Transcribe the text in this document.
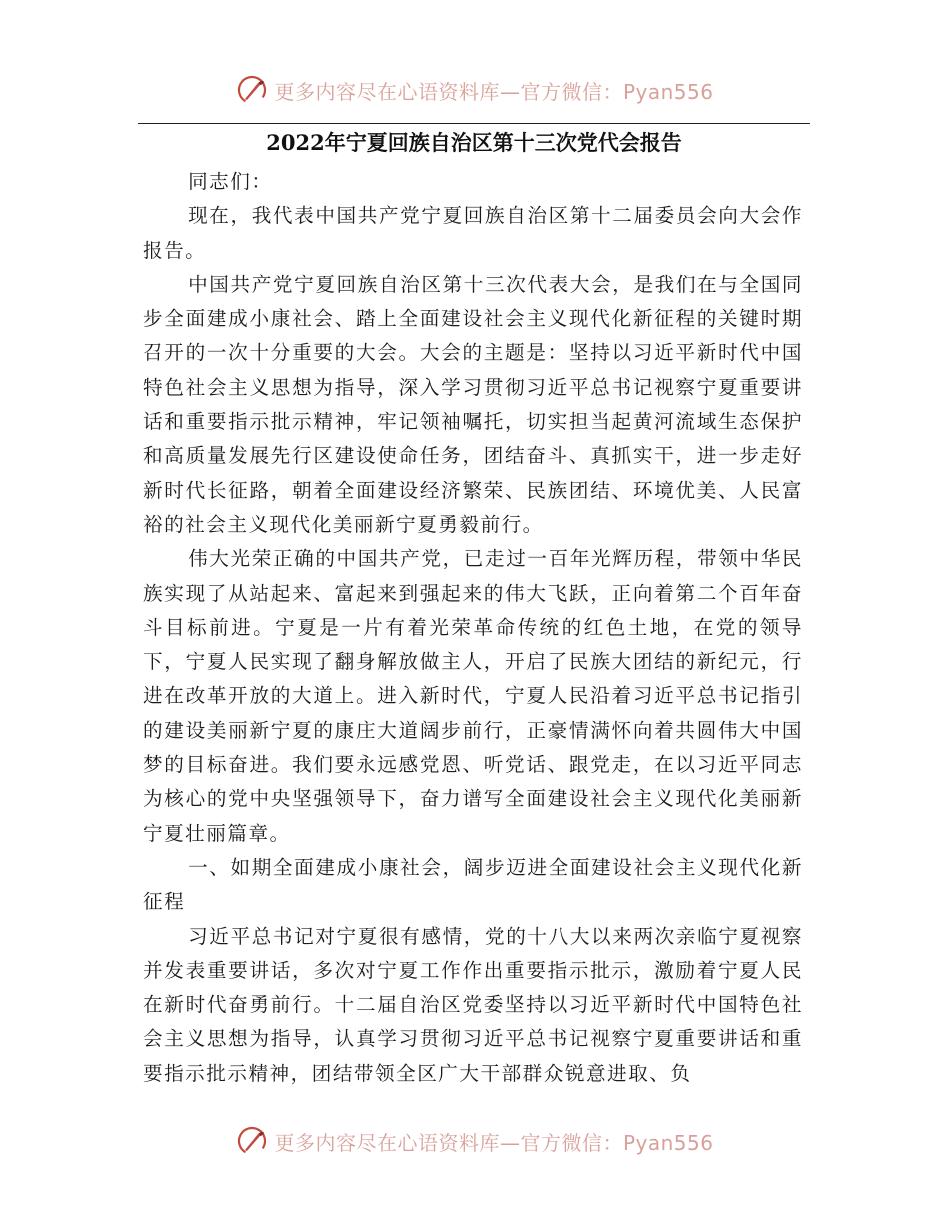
更多内容尽在心语资料库—官方微信：Pyan556
2022年宁夏回族自治区第十三次党代会报告

同志们：

现在，我代表中国共产党宁夏回族自治区第十二届委员会向大会作报告。

中国共产党宁夏回族自治区第十三次代表大会，是我们在与全国同步全面建成小康社会、踏上全面建设社会主义现代化新征程的关键时期召开的一次十分重要的大会。大会的主题是：坚持以习近平新时代中国特色社会主义思想为指导，深入学习贯彻习近平总书记视察宁夏重要讲话和重要指示批示精神，牢记领袖嘱托，切实担当起黄河流域生态保护和高质量发展先行区建设使命任务，团结奋斗、真抓实干，进一步走好新时代长征路，朝着全面建设经济繁荣、民族团结、环境优美、人民富裕的社会主义现代化美丽新宁夏勇毅前行。

伟大光荣正确的中国共产党，已走过一百年光辉历程，带领中华民族实现了从站起来、富起来到强起来的伟大飞跃，正向着第二个百年奋斗目标前进。宁夏是一片有着光荣革命传统的红色土地，在党的领导下，宁夏人民实现了翻身解放做主人，开启了民族大团结的新纪元，行进在改革开放的大道上。进入新时代，宁夏人民沿着习近平总书记指引的建设美丽新宁夏的康庄大道阔步前行，正豪情满怀向着共圆伟大中国梦的目标奋进。我们要永远感党恩、听党话、跟党走，在以习近平同志为核心的党中央坚强领导下，奋力谱写全面建设社会主义现代化美丽新宁夏壮丽篇章。

一、如期全面建成小康社会，阔步迈进全面建设社会主义现代化新征程

习近平总书记对宁夏很有感情，党的十八大以来两次亲临宁夏视察并发表重要讲话，多次对宁夏工作作出重要指示批示，激励着宁夏人民在新时代奋勇前行。十二届自治区党委坚持以习近平新时代中国特色社会主义思想为指导，认真学习贯彻习近平总书记视察宁夏重要讲话和重要指示批示精神，团结带领全区广大干部群众锐意进取、负

更多内容尽在心语资料库—官方微信：Pyan556
